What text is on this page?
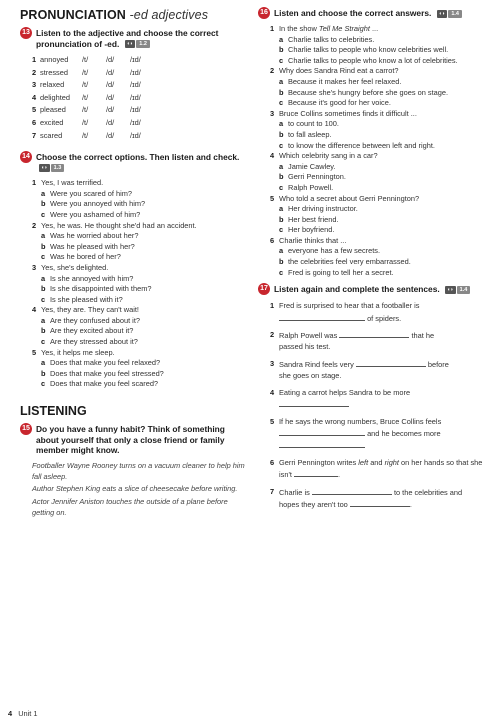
PRONUNCIATION -ed adjectives
13 Listen to the adjective and choose the correct pronunciation of -ed.	◖◗	1.2
1 annoyed	/t/	/d/	/ɪd/
2 stressed	/t/	/d/	/ɪd/
3 relaxed	/t/	/d/	/ɪd/
4 delighted	/t/	/d/	/ɪd/
5 pleased	/t/	/d/	/ɪd/
6 excited	/t/	/d/	/ɪd/
7 scared	/t/	/d/	/ɪd/
14 Choose the correct options. Then listen and check.
◖◗	1.3
1 Yes, I was terrified.
a Were you scared of him?
b Were you annoyed with him?
c Were you ashamed of him?
2 Yes, he was. He thought she'd had an accident.
a Was he worried about her?
b Was he pleased with her?
c Was he bored of her?
3 Yes, she's delighted.
a Is she annoyed with him?
b Is she disappointed with them?
c Is she pleased with it?
4 Yes, they are. They can't wait!
a Are they confused about it?
b Are they excited about it?
c Are they stressed about it?
5 Yes, it helps me sleep.
a Does that make you feel relaxed?
b Does that make you feel stressed?
c Does that make you feel scared?
LISTENING
15 Do you have a funny habit? Think of something about yourself that only a close friend or family member might know.

Footballer Wayne Rooney turns on a vacuum cleaner to help him fall asleep.

Author Stephen King eats a slice of cheesecake before writing.

Actor Jennifer Aniston touches the outside of a plane before getting on.

16 Listen and choose the correct answers.	◖◗	1.4
1 In the show Tell Me Straight ...
a Charlie talks to celebrities.
b Charlie talks to people who know celebrities well.
c Charlie talks to people who know a lot of celebrities.
2 Why does Sandra Rind eat a carrot?
a Because it makes her feel relaxed.
b Because she's hungry before she goes on stage.
c Because it's good for her voice.
3 Bruce Collins sometimes finds it difficult ...
a to count to 100.
b to fall asleep.
c to know the difference between left and right.
4 Which celebrity sang in a car?
a Jamie Cawley.
b Gerri Pennington.
c Ralph Powell.
5 Who told a secret about Gerri Pennington?
a Her driving instructor.
b Her best friend.
c Her boyfriend.
6 Charlie thinks that ...
a everyone has a few secrets.
b the celebrities feel very embarrassed.
c Fred is going to tell her a secret.
17 Listen again and complete the sentences.	◖◗	1.4
1 Fred is surprised to hear that a footballer is
of spiders.
2 Ralph Powell was	that he
passed his test.
3 Sandra Rind feels very	before
she goes on stage.
4 Eating a carrot helps Sandra to be more

5 If he says the wrong numbers, Bruce Collins feels
and he becomes more

6 Gerri Pennington writes left and right on her hands so that she isn't	.
7 Charlie is	to the celebrities and
hopes they aren't too	.
4 Unit 1
